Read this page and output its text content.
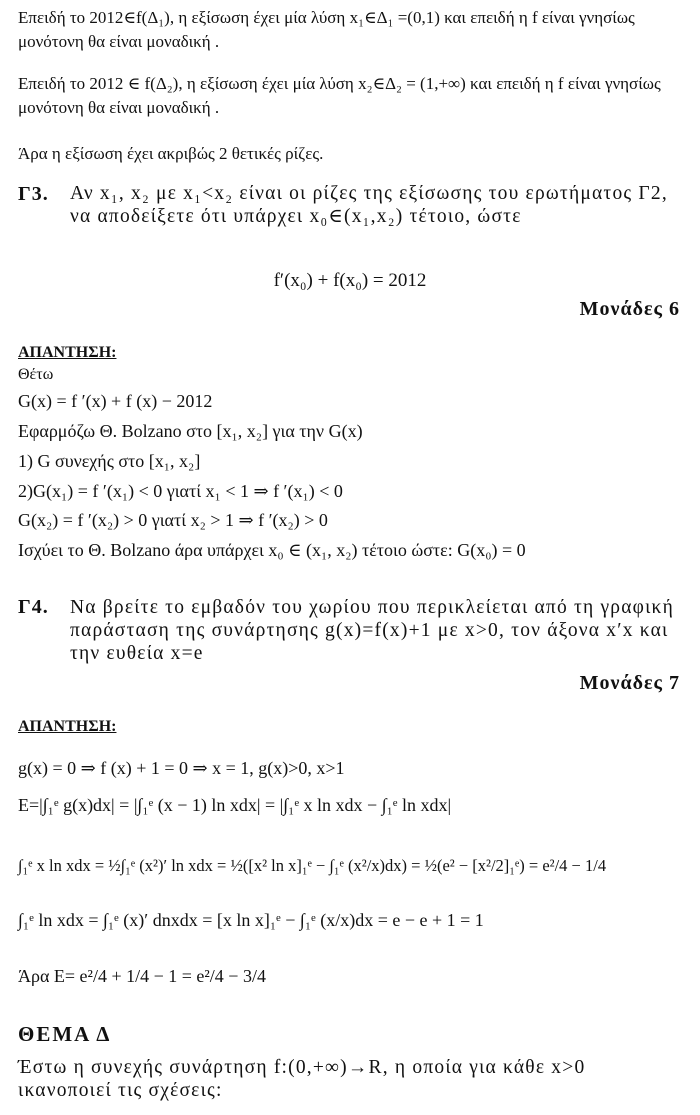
Επειδή το 2012∈f(Δ₁), η εξίσωση έχει μία λύση x₁∈Δ₁ =(0,1) και επειδή η f είναι γνησίως μονότονη θα είναι μοναδική .
Επειδή το 2012 ∈ f(Δ₂), η εξίσωση έχει μία λύση x₂∈Δ₂ = (1,+∞) και επειδή η f είναι γνησίως μονότονη θα είναι μοναδική .
Άρα η εξίσωση έχει ακριβώς 2 θετικές ρίζες.
Γ3. Αν x₁, x₂ με x₁<x₂ είναι οι ρίζες της εξίσωσης του ερωτήματος Γ2, να αποδείξετε ότι υπάρχει x₀∈(x₁,x₂) τέτοιο, ώστε
f′(x₀) + f(x₀) = 2012
Μονάδες 6
ΑΠΑΝΤΗΣΗ:
Θέτω
G(x) = f ′(x) + f (x) − 2012
Εφαρμόζω Θ. Bolzano στο [x₁, x₂] για την G(x)
1) G συνεχής στο [x₁, x₂]
2)G(x₁) = f ′(x₁) < 0 γιατί x₁ < 1 ⇒ f ′(x₁) < 0
G(x₂) = f ′(x₂) > 0 γιατί x₂ > 1 ⇒ f ′(x₂) > 0
Ισχύει το Θ. Bolzano άρα υπάρχει x₀ ∈ (x₁, x₂) τέτοιο ώστε: G(x₀) = 0
Γ4. Να βρείτε το εμβαδόν του χωρίου που περικλείεται από τη γραφική παράσταση της συνάρτησης g(x)=f(x)+1 με x>0, τον άξονα x′x και την ευθεία x=e
Μονάδες 7
ΑΠΑΝΤΗΣΗ:
g(x) = 0 ⇒ f (x) + 1 = 0 ⇒ x = 1, g(x)>0, x>1
E=|∫₁ᵉ g(x)dx| = |∫₁ᵉ (x − 1) ln xdx| = |∫₁ᵉ x ln xdx − ∫₁ᵉ ln xdx|
∫₁ᵉ x ln xdx = ½∫₁ᵉ (x²)′ ln xdx = ½([x² ln x]₁ᵉ − ∫₁ᵉ (x²/x)dx) = ½(e² − [x²/2]₁ᵉ) = e²/4 − 1/4
∫₁ᵉ ln xdx = ∫₁ᵉ (x)′ dnxdx = [x ln x]₁ᵉ − ∫₁ᵉ (x/x)dx = e − e + 1 = 1
Άρα E= e²/4 + 1/4 − 1 = e²/4 − 3/4
ΘΕΜΑ Δ
Έστω η συνεχής συνάρτηση f:(0,+∞)→R, η οποία για κάθε x>0 ικανοποιεί τις σχέσεις:
